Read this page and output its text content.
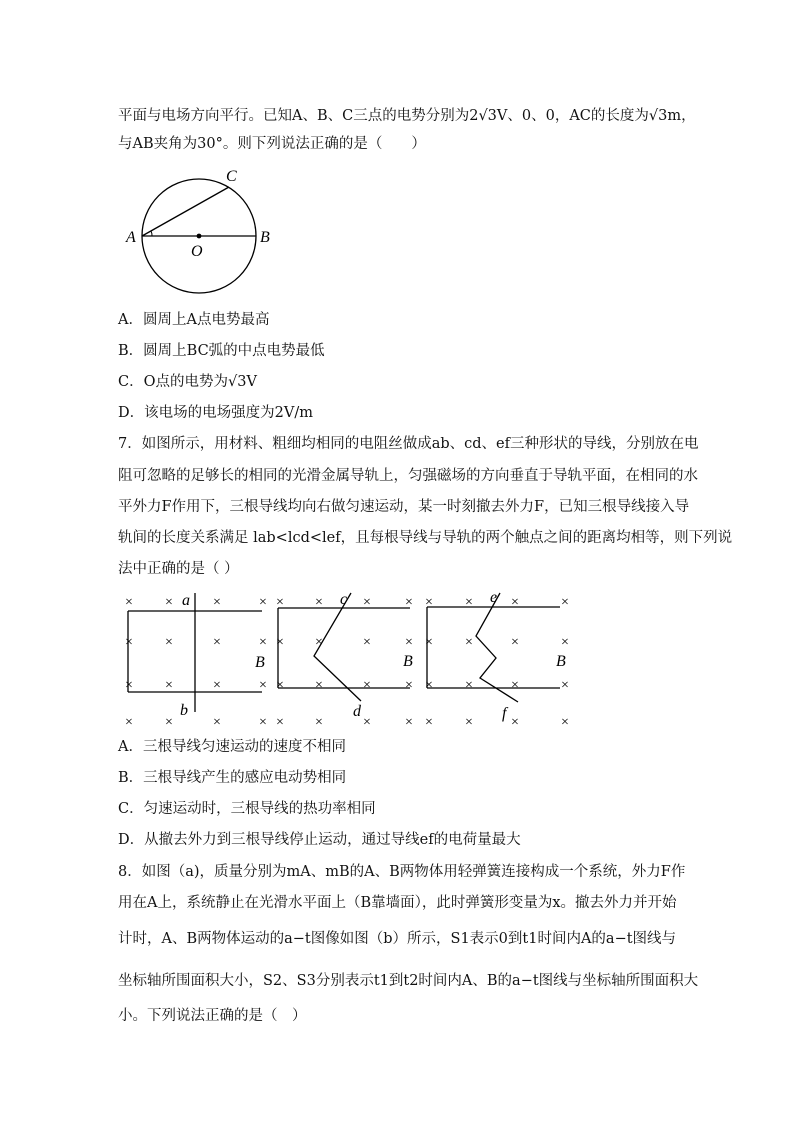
平面与电场方向平行。已知A、B、C三点的电势分别为2√3V、0、0，AC的长度为√3m，
与AB夹角为30°。则下列说法正确的是（　　）
A	B
C
O
A．圆周上A点电势最高
B．圆周上BC弧的中点电势最低
C．O点的电势为√3V
D．该电场的电场强度为2V/m
7．如图所示，用材料、粗细均相同的电阻丝做成ab、cd、ef三种形状的导线，分别放在电
阻可忽略的足够长的相同的光滑金属导轨上，匀强磁场的方向垂直于导轨平面，在相同的水
平外力F作用下，三根导线均向右做匀速运动，某一时刻撤去外力F，已知三根导线接入导
轨间的长度关系满足 lab<lcd<lef，且每根导线与导轨的两个触点之间的距离均相等，则下列说
法中正确的是（ ）
× ×	×	× × ×	× × × ×	×	×
× ×	×	× × ×	× × × ×	×	×
× ×	×	× × ×	× × × ×	×	×
× ×	×	× × ×	× × × ×	×	×
a
b
B
c
d
B
e
f
B
A．三根导线匀速运动的速度不相同
B．三根导线产生的感应电动势相同
C．匀速运动时，三根导线的热功率相同
D．从撤去外力到三根导线停止运动，通过导线ef的电荷量最大
8．如图（a)，质量分别为mA、mB的A、B两物体用轻弹簧连接构成一个系统，外力F作
用在A上，系统静止在光滑水平面上（B靠墙面），此时弹簧形变量为x。撤去外力并开始
计时，A、B两物体运动的a−t图像如图（b）所示，S1表示0到t1时间内A的a−t图线与
坐标轴所围面积大小，S2、S3分别表示t1到t2时间内A、B的a−t图线与坐标轴所围面积大
小。下列说法正确的是（　）
